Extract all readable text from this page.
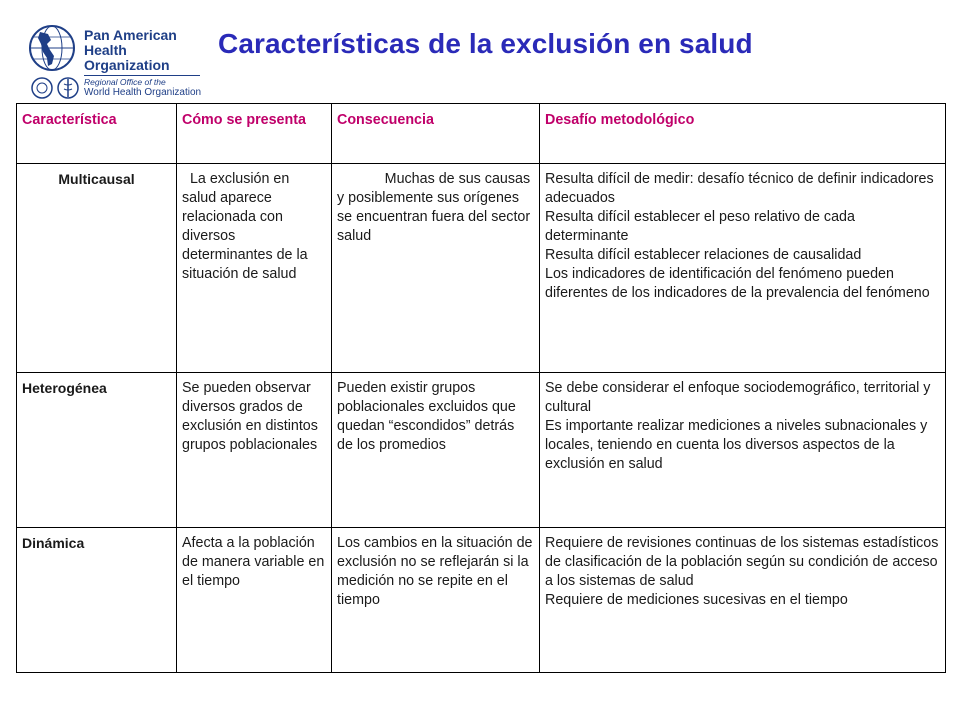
Pan American
Health
Organization
Regional Office of the
World Health Organization
Características de la exclusión en salud
Característica	Cómo se presenta	Consecuencia	Desafío metodológico
Multicausal	La exclusión en salud aparece relacionada con diversos determinantes de la situación de salud	Muchas de sus causas y posiblemente sus orígenes se encuentran fuera del sector salud	Resulta difícil de medir: desafío técnico de definir indicadores adecuados
Resulta difícil establecer el peso relativo de cada determinante
Resulta difícil establecer relaciones de causalidad
Los indicadores de identificación del fenómeno pueden diferentes de los indicadores de la prevalencia del fenómeno
Heterogénea	Se pueden observar diversos grados de exclusión en distintos grupos poblacionales	Pueden existir grupos poblacionales excluidos que quedan “escondidos” detrás de los promedios	Se debe considerar el enfoque sociodemográfico, territorial y cultural
Es importante realizar mediciones a niveles subnacionales y locales, teniendo en cuenta los diversos aspectos de la exclusión en salud
Dinámica	Afecta a la población de manera variable en el tiempo	Los cambios en la situación de exclusión no se reflejarán si la medición no se repite en el tiempo	Requiere de revisiones continuas de los sistemas estadísticos de clasificación de la población según su condición de acceso a los sistemas de salud
Requiere de mediciones sucesivas en el tiempo
